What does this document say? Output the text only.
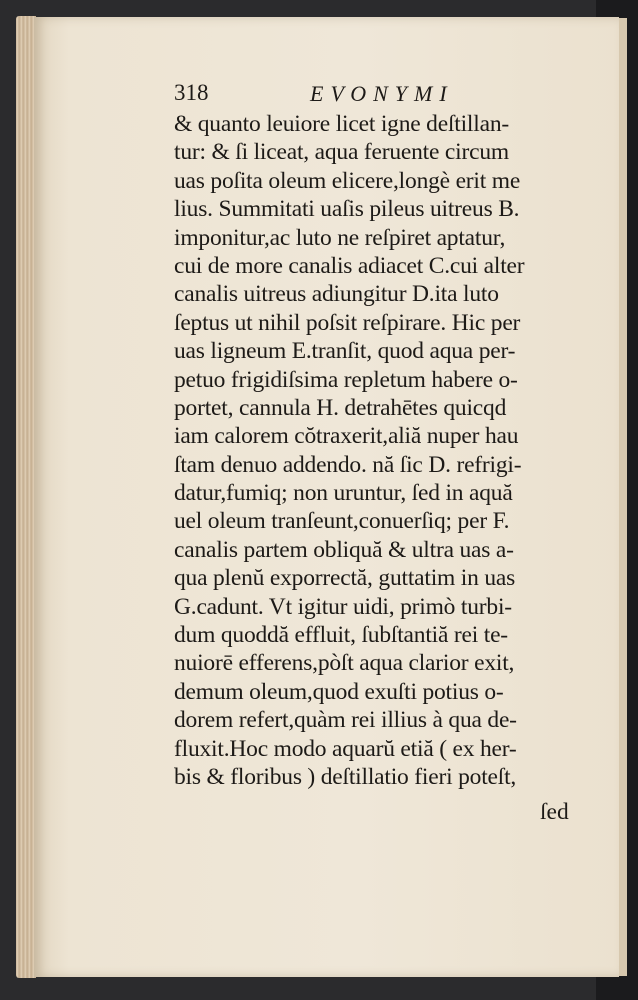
318	EVONYMI
& quanto leuiore licet igne deſtillan-
tur: & ſi liceat, aqua feruente circum
uas poſita oleum elicere,longè erit me
lius. Summitati uaſis pileus uitreus B.
imponitur,ac luto ne reſpiret aptatur,
cui de more canalis adiacet C.cui alter
canalis uitreus adiungitur D.ita luto
ſeptus ut nihil poſsit reſpirare. Hic per
uas ligneum E.tranſit, quod aqua per-
petuo frigidiſsima repletum habere o-
portet, cannula H. detrahētes quicqd
iam calorem cŏtraxerit,aliă nuper hau
ſtam denuo addendo. nă ſic D. refrigi-
datur,fumiq; non uruntur, ſed in aquă
uel oleum tranſeunt,conuerſiq; per F.
canalis partem obliquă & ultra uas a-
qua plenŭ exporrectă, guttatim in uas
G.cadunt. Vt igitur uidi, primò turbi-
dum quoddă effluit, ſubſtantiă rei te-
nuiorē efferens,pòſt aqua clarior exit,
demum oleum,quod exuſti potius o-
dorem refert,quàm rei illius à qua de-
fluxit.Hoc modo aquarŭ etiă ( ex her-
bis & floribus ) deſtillatio fieri poteſt,
ſed
